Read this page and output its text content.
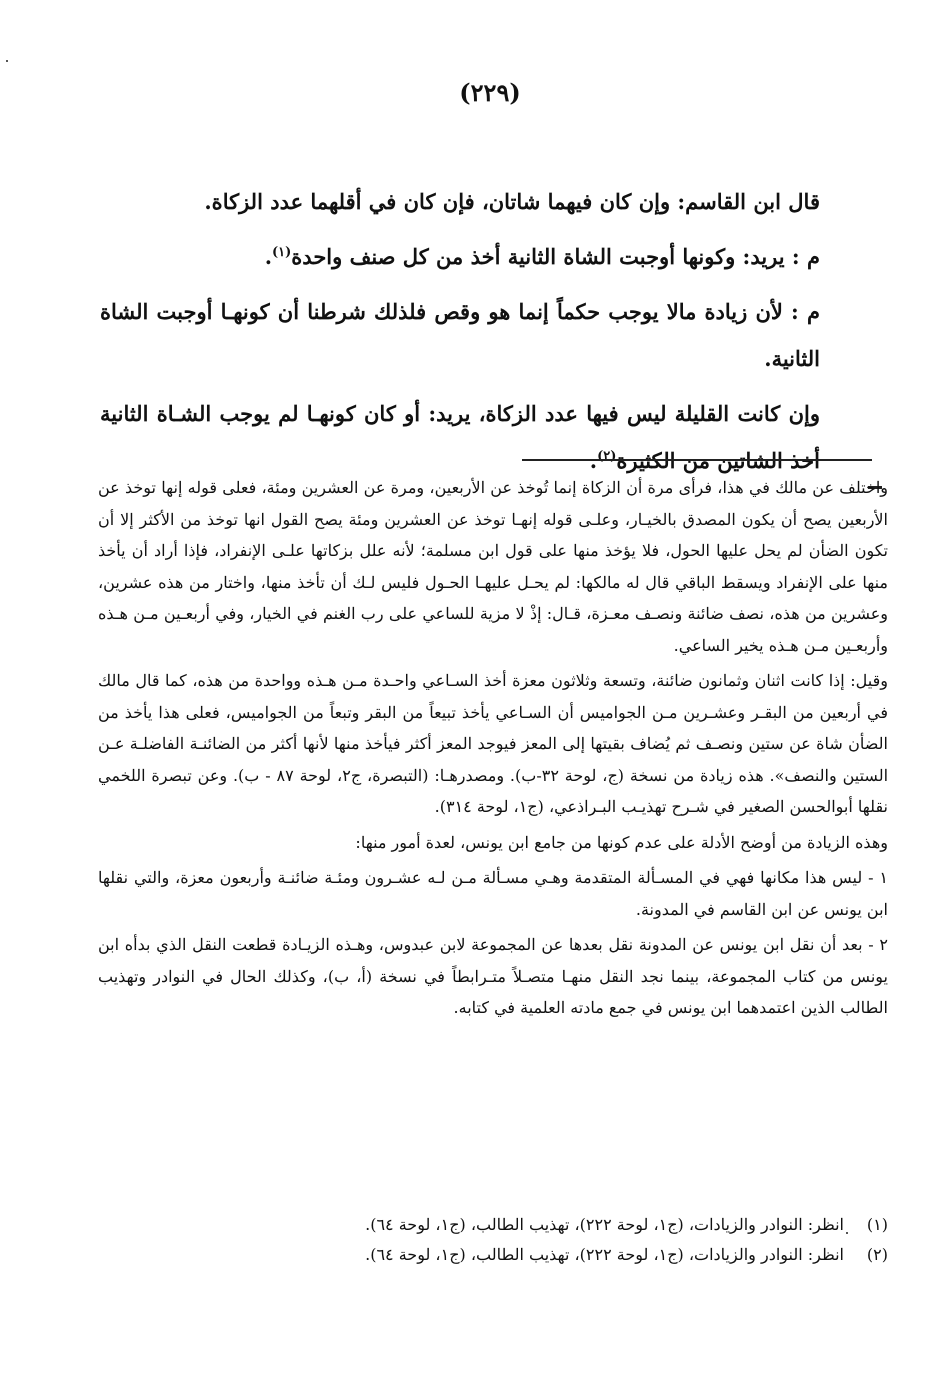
(٢٢٩)

قال ابن القاسم: وإن كان فيهما شاتان، فإن كان في أقلهما عدد الزكاة.

م : يريد: وكونها أوجبت الشاة الثانية أخذ من كل صنف واحدة$^{(١)}$.

م : لأن زيادة مالا يوجب حكماً إنما هو وقص فلذلك شرطنا أن كونهـا أوجبت الشاة الثانية.

وإن كانت القليلة ليس فيها عدد الزكاة، يريد: أو كان كونهـا لم يوجب الشـاة الثانية أخذ الشاتين من الكثيرة$^{(٢)}$.

واختلف عن مالك في هذا، فرأى مرة أن الزكاة إنما تُوخذ عن الأربعين، ومرة عن العشرين ومئة، فعلى قوله إنها توخذ عن الأربعين يصح أن يكون المصدق بالخيـار، وعلـى قوله إنهـا توخذ عن العشرين ومئة يصح القول انها توخذ من الأكثر إلا أن تكون الضأن لم يحل عليها الحول، فلا يؤخذ منها على قول ابن مسلمة؛ لأنه علل بزكاتها علـى الإنفراد، فإذا أراد أن يأخذ منها على الإنفراد ويسقط الباقي قال له مالكها: لم يحـل عليهـا الحـول فليس لـك أن تأخذ منها، واختار من هذه عشرين، وعشرين من هذه، نصف ضائنة ونصـف معـزة، قـال: إذْ لا مزية للساعي على رب الغنم في الخيار، وفي أربعـين مـن هـذه وأربعـين مـن هـذه يخير الساعي.

وقيل: إذا كانت اثنان وثمانون ضائنة، وتسعة وثلاثون معزة أخذ السـاعي واحـدة مـن هـذه وواحدة من هذه، كما قال مالك في أربعين من البقـر وعشـرين مـن الجواميس أن السـاعي يأخذ تبيعاً من البقر وتبعاً من الجواميس، فعلى هذا يأخذ من الضأن شاة عن ستين ونصـف ثم يُضاف بقيتها إلى المعز فيوجد المعز أكثر فيأخذ منها لأنها أكثر من الضائنـة الفاضلـة عـن الستين والنصف». هذه زيادة من نسخة (ج، لوحة ٣٢-ب). ومصدرهـا: (التبصرة، ج٢، لوحة ٨٧ - ب). وعن تبصرة اللخمي نقلها أبوالحسن الصغير في شـرح تهذيـب البـراذعي، (ج١، لوحة ٣١٤).

وهذه الزيادة من أوضح الأدلة على عدم كونها من جامع ابن يونس، لعدة أمور منها:

١ - ليس هذا مكانها فهي في المسـألة المتقدمة وهـي مسـألة مـن لـه عشـرون ومئـة ضائنـة وأربعون معزة، والتي نقلها ابن يونس عن ابن القاسم في المدونة.

٢ - بعد أن نقل ابن يونس عن المدونة نقل بعدها عن المجموعة لابن عبدوس، وهـذه الزيـادة قطعت النقل الذي بدأه ابن يونس من كتاب المجموعة، بينما نجد النقل منهـا متصـلاً متـرابطاً في نسخة (أ، ب)، وكذلك الحال في النوادر وتهذيب الطالب الذين اعتمدهما ابن يونس في جمع مادته العلمية في كتابه.

(١)
انظر: النوادر والزيادات، (ج١، لوحة ٢٢٢)، تهذيب الطالب، (ج١، لوحة ٦٤).
(٢)
انظر: النوادر والزيادات، (ج١، لوحة ٢٢٢)، تهذيب الطالب، (ج١، لوحة ٦٤).
